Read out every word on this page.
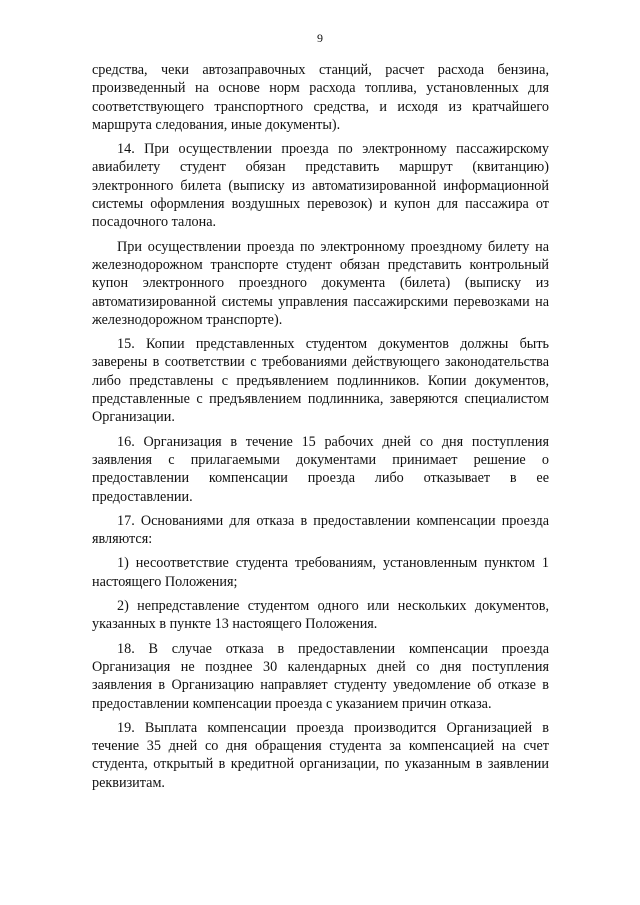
9

средства, чеки автозаправочных станций, расчет расхода бензина, произведенный на основе норм расхода топлива, установленных для соответствующего транспортного средства, и исходя из кратчайшего маршрута следования, иные документы).

14. При осуществлении проезда по электронному пассажирскому авиабилету студент обязан представить маршрут (квитанцию) электронного билета (выписку из автоматизированной информационной системы оформления воздушных перевозок) и купон для пассажира от посадочного талона.

При осуществлении проезда по электронному проездному билету на железнодорожном транспорте студент обязан представить контрольный купон электронного проездного документа (билета) (выписку из автоматизированной системы управления пассажирскими перевозками на железнодорожном транспорте).

15. Копии представленных студентом документов должны быть заверены в соответствии с требованиями действующего законодательства либо представлены с предъявлением подлинников. Копии документов, представленные с предъявлением подлинника, заверяются специалистом Организации.

16. Организация в течение 15 рабочих дней со дня поступления заявления с прилагаемыми документами принимает решение о предоставлении компенсации проезда либо отказывает в ее предоставлении.

17. Основаниями для отказа в предоставлении компенсации проезда являются:

1) несоответствие студента требованиям, установленным пунктом 1 настоящего Положения;

2) непредставление студентом одного или нескольких документов, указанных в пункте 13 настоящего Положения.

18. В случае отказа в предоставлении компенсации проезда Организация не позднее 30 календарных дней со дня поступления заявления в Организацию направляет студенту уведомление об отказе в предоставлении компенсации проезда с указанием причин отказа.

19. Выплата компенсации проезда производится Организацией в течение 35 дней со дня обращения студента за компенсацией на счет студента, открытый в кредитной организации, по указанным в заявлении реквизитам.
